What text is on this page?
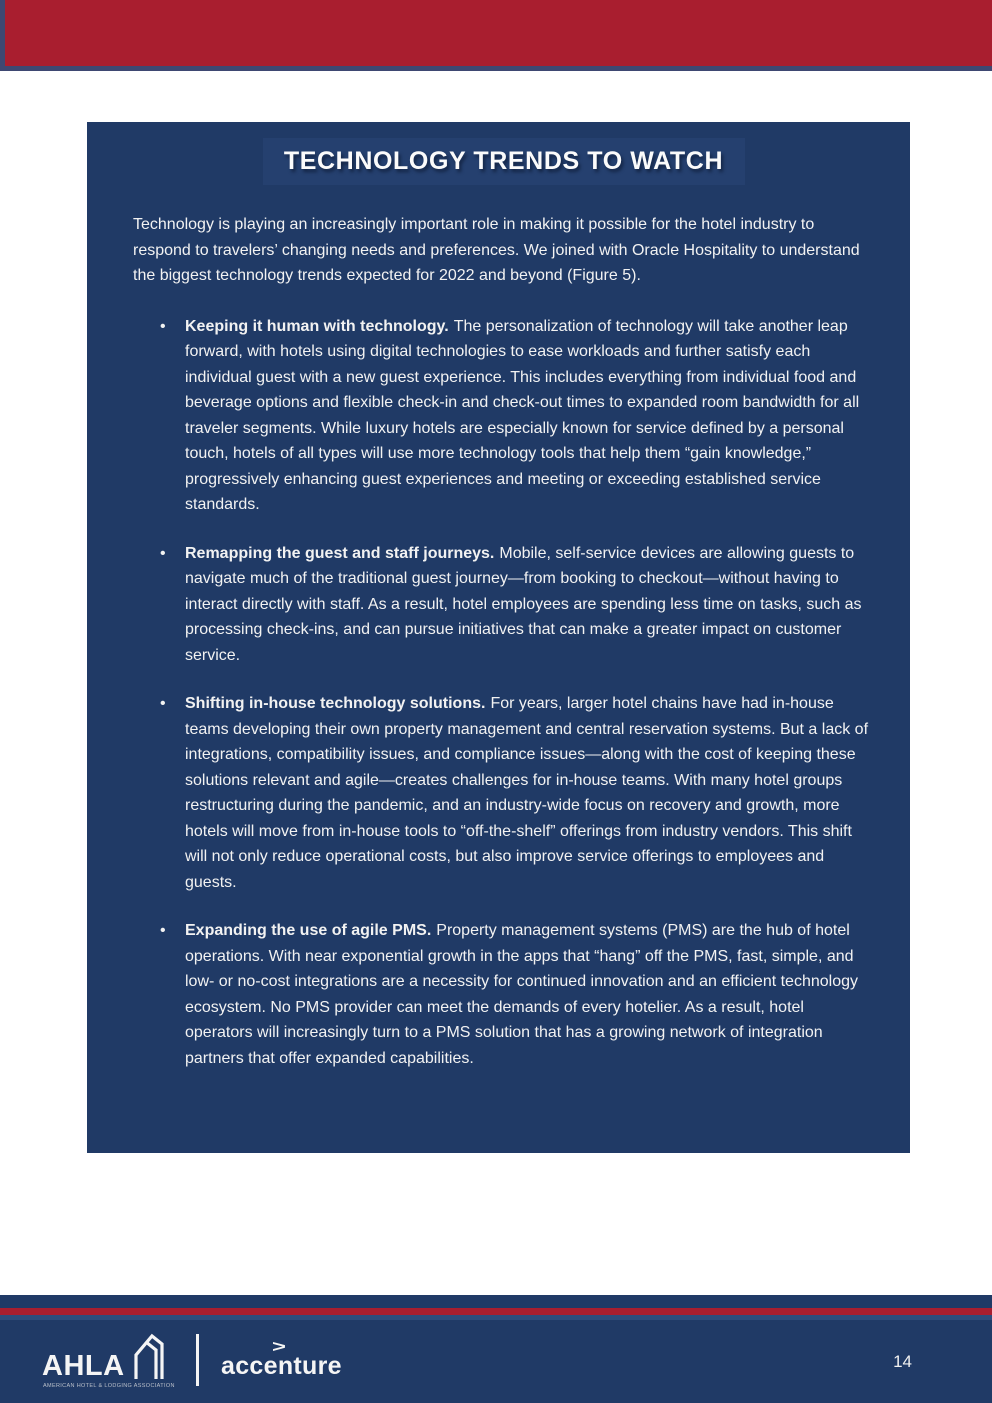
TECHNOLOGY TRENDS TO WATCH

Technology is playing an increasingly important role in making it possible for the hotel industry to respond to travelers’ changing needs and preferences. We joined with Oracle Hospitality to understand the biggest technology trends expected for 2022 and beyond (Figure 5).

• Keeping it human with technology. The personalization of technology will take another leap forward, with hotels using digital technologies to ease workloads and further satisfy each individual guest with a new guest experience. This includes everything from individual food and beverage options and flexible check-in and check-out times to expanded room bandwidth for all traveler segments. While luxury hotels are especially known for service defined by a personal touch, hotels of all types will use more technology tools that help them “gain knowledge,” progressively enhancing guest experiences and meeting or exceeding established service standards.
• Remapping the guest and staff journeys. Mobile, self-service devices are allowing guests to navigate much of the traditional guest journey—from booking to checkout—without having to interact directly with staff. As a result, hotel employees are spending less time on tasks, such as processing check-ins, and can pursue initiatives that can make a greater impact on customer service.
• Shifting in-house technology solutions. For years, larger hotel chains have had in-house teams developing their own property management and central reservation systems. But a lack of integrations, compatibility issues, and compliance issues—along with the cost of keeping these solutions relevant and agile—creates challenges for in-house teams. With many hotel groups restructuring during the pandemic, and an industry-wide focus on recovery and growth, more hotels will move from in-house tools to “off-the-shelf” offerings from industry vendors. This shift will not only reduce operational costs, but also improve service offerings to employees and guests.
• Expanding the use of agile PMS. Property management systems (PMS) are the hub of hotel operations. With near exponential growth in the apps that “hang” off the PMS, fast, simple, and low- or no-cost integrations are a necessity for continued innovation and an efficient technology ecosystem. No PMS provider can meet the demands of every hotelier. As a result, hotel operators will increasingly turn to a PMS solution that has a growing network of integration partners that offer expanded capabilities.
AHLA
AMERICAN HOTEL & LODGING ASSOCIATION
>
accenture	14
